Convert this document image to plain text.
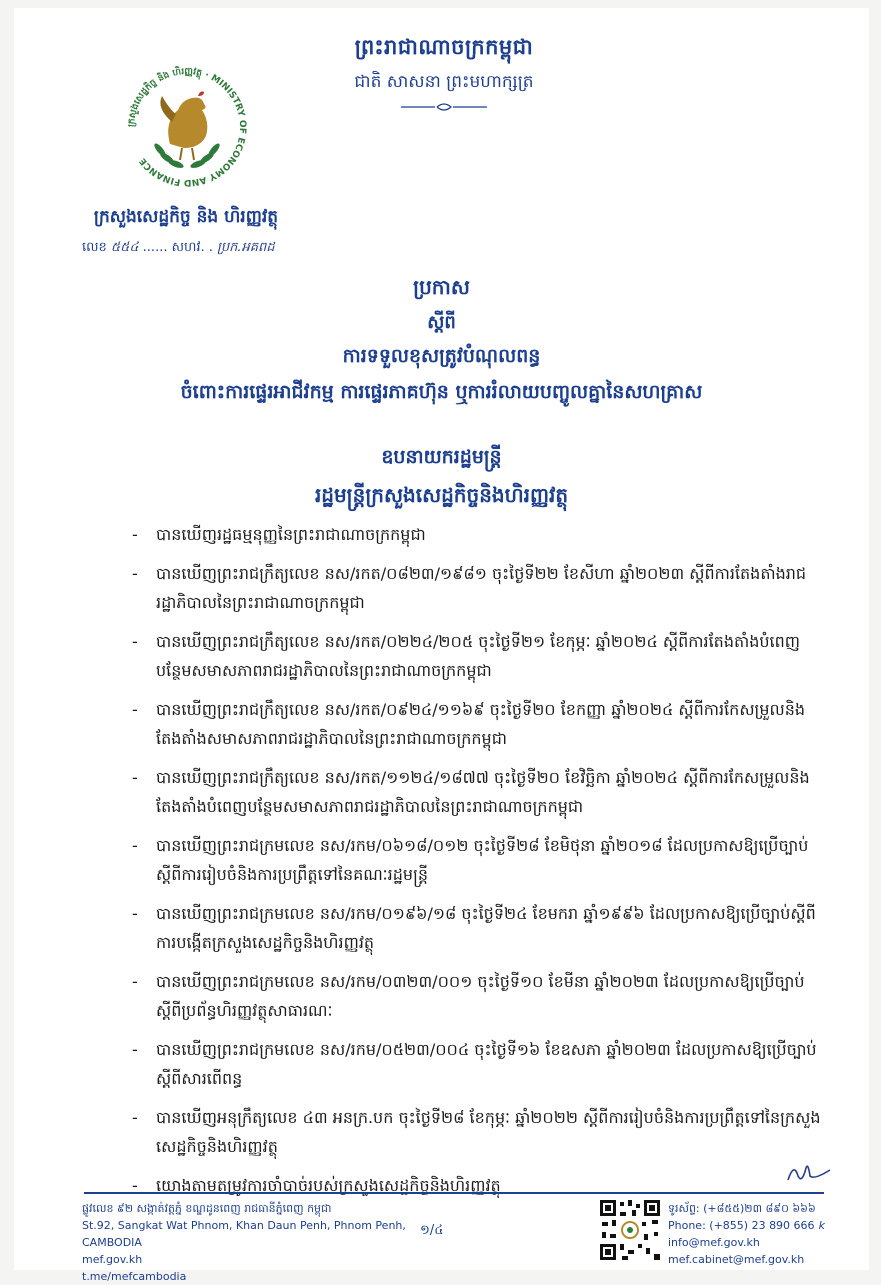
ព្រះរាជាណាចក្រកម្ពុជា
ជាតិ សាសនា ព្រះមហាក្សត្រ
ក្រសួងសេដ្ឋកិច្ច និង ហិរញ្ញវត្ថុ · MINISTRY OF ECONOMY AND FINANCE
ក្រសួងសេដ្ឋកិច្ច និង ហិរញ្ញវត្ថុ
លេខ ៥៥៤ ...... សហវ. . ប្រក.អគពដ
ប្រកាស
ស្ដីពី
ការទទួលខុសត្រូវបំណុលពន្ធ
ចំពោះការផ្ទេរអាជីវកម្ម ការផ្ទេរភាគហ៊ុន ឬការរំលាយបញ្ចូលគ្នានៃសហគ្រាស
ឧបនាយករដ្ឋមន្ត្រី
រដ្ឋមន្ត្រីក្រសួងសេដ្ឋកិច្ចនិងហិរញ្ញវត្ថុ
- បានឃើញរដ្ឋធម្មនុញ្ញនៃព្រះរាជាណាចក្រកម្ពុជា
- បានឃើញព្រះរាជក្រឹត្យលេខ នស/រកត/០៨២៣/១៩៨១ ចុះថ្ងៃទី២២ ខែសីហា ឆ្នាំ២០២៣ ស្ដីពីការតែងតាំងរាជរដ្ឋាភិបាលនៃព្រះរាជាណាចក្រកម្ពុជា
- បានឃើញព្រះរាជក្រឹត្យលេខ នស/រកត/០២២៤/២០៥ ចុះថ្ងៃទី២១ ខែកុម្ភៈ ឆ្នាំ២០២៤ ស្ដីពីការតែងតាំងបំពេញបន្ថែមសមាសភាពរាជរដ្ឋាភិបាលនៃព្រះរាជាណាចក្រកម្ពុជា
- បានឃើញព្រះរាជក្រឹត្យលេខ នស/រកត/០៩២៤/១១៦៩ ចុះថ្ងៃទី២០ ខែកញ្ញា ឆ្នាំ២០២៤ ស្ដីពីការកែសម្រួលនិងតែងតាំងសមាសភាពរាជរដ្ឋាភិបាលនៃព្រះរាជាណាចក្រកម្ពុជា
- បានឃើញព្រះរាជក្រឹត្យលេខ នស/រកត/១១២៤/១៨៧៧ ចុះថ្ងៃទី២០ ខែវិច្ឆិកា ឆ្នាំ២០២៤ ស្ដីពីការកែសម្រួលនិងតែងតាំងបំពេញបន្ថែមសមាសភាពរាជរដ្ឋាភិបាលនៃព្រះរាជាណាចក្រកម្ពុជា
- បានឃើញព្រះរាជក្រមលេខ នស/រកម/០៦១៨/០១២ ចុះថ្ងៃទី២៨ ខែមិថុនា ឆ្នាំ២០១៨ ដែលប្រកាសឱ្យប្រើច្បាប់ស្ដីពីការរៀបចំនិងការប្រព្រឹត្តទៅនៃគណៈរដ្ឋមន្ត្រី
- បានឃើញព្រះរាជក្រមលេខ នស/រកម/០១៩៦/១៨ ចុះថ្ងៃទី២៤ ខែមករា ឆ្នាំ១៩៩៦ ដែលប្រកាសឱ្យប្រើច្បាប់ស្ដីពីការបង្កើតក្រសួងសេដ្ឋកិច្ចនិងហិរញ្ញវត្ថុ
- បានឃើញព្រះរាជក្រមលេខ នស/រកម/០៣២៣/០០១ ចុះថ្ងៃទី១០ ខែមីនា ឆ្នាំ២០២៣ ដែលប្រកាសឱ្យប្រើច្បាប់ស្ដីពីប្រព័ន្ធហិរញ្ញវត្ថុសាធារណៈ
- បានឃើញព្រះរាជក្រមលេខ នស/រកម/០៥២៣/០០៤ ចុះថ្ងៃទី១៦ ខែឧសភា ឆ្នាំ២០២៣ ដែលប្រកាសឱ្យប្រើច្បាប់ស្ដីពីសារពើពន្ធ
- បានឃើញអនុក្រឹត្យលេខ ៤៣ អនក្រ.បក ចុះថ្ងៃទី២៨ ខែកុម្ភៈ ឆ្នាំ២០២២ ស្ដីពីការរៀបចំនិងការប្រព្រឹត្តទៅនៃក្រសួងសេដ្ឋកិច្ចនិងហិរញ្ញវត្ថុ
- យោងតាមតម្រូវការចាំបាច់របស់ក្រសួងសេដ្ឋកិច្ចនិងហិរញ្ញវត្ថុ
ផ្លូវលេខ ៩២ សង្កាត់វត្តភ្នំ ខណ្ឌដូនពេញ រាជធានីភ្នំពេញ កម្ពុជា
St.92, Sangkat Wat Phnom, Khan Daun Penh, Phnom Penh, CAMBODIA
mef.gov.kh
t.me/mefcambodia
១/៤
ទូរស័ព្ទ: (+៨៥៥)២៣ ៨៩០ ៦៦៦
Phone: (+855) 23 890 666 k
info@mef.gov.kh
mef.cabinet@mef.gov.kh
